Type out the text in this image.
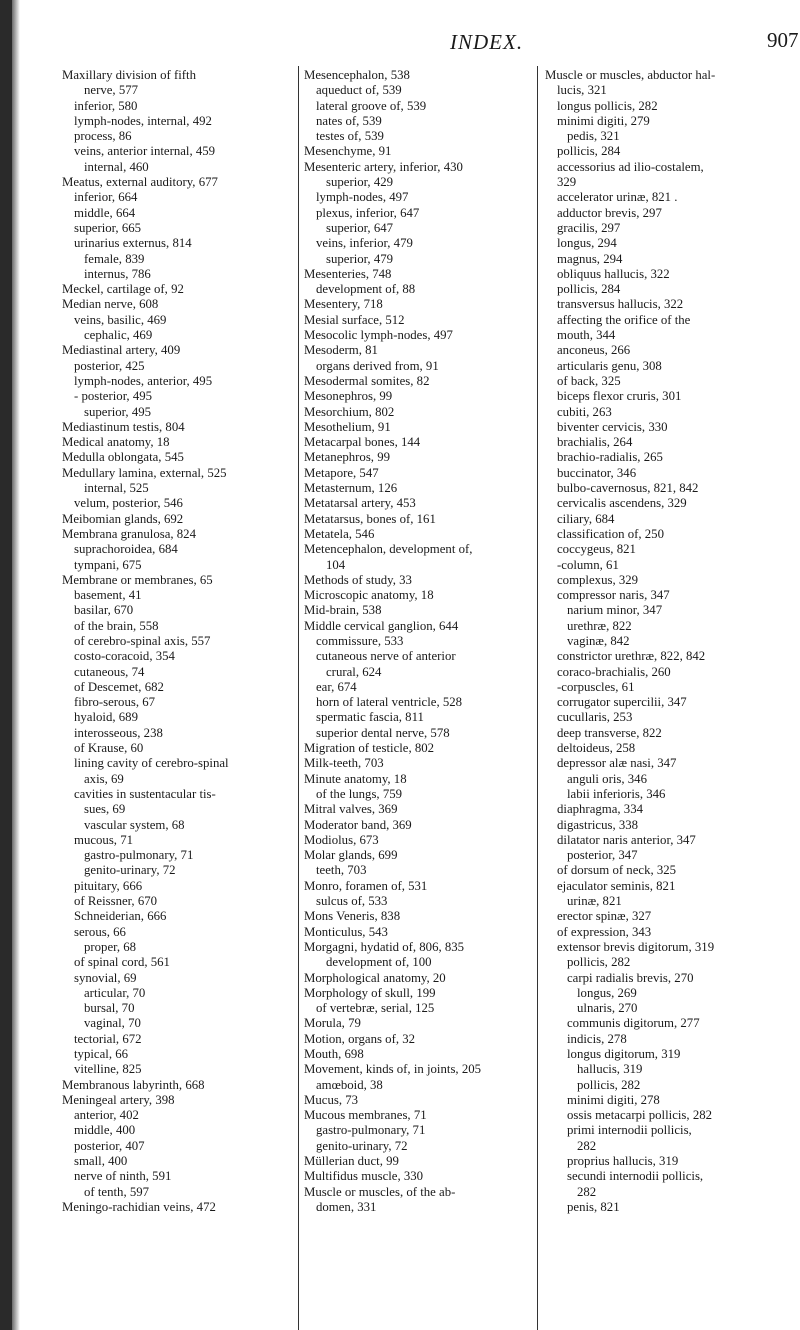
INDEX.	907
Maxillary division of fifth
nerve, 577
inferior, 580
lymph-nodes, internal, 492
process, 86
veins, anterior internal, 459
internal, 460
Meatus, external auditory, 677
inferior, 664
middle, 664
superior, 665
urinarius externus, 814
female, 839
internus, 786
Meckel, cartilage of, 92
Median nerve, 608
veins, basilic, 469
cephalic, 469
Mediastinal artery, 409
posterior, 425
lymph-nodes, anterior, 495
- posterior, 495
superior, 495
Mediastinum testis, 804
Medical anatomy, 18
Medulla oblongata, 545
Medullary lamina, external, 525
internal, 525
velum, posterior, 546
Meibomian glands, 692
Membrana granulosa, 824
suprachoroidea, 684
tympani, 675
Membrane or membranes, 65
basement, 41
basilar, 670
of the brain, 558
of cerebro-spinal axis, 557
costo-coracoid, 354
cutaneous, 74
of Descemet, 682
fibro-serous, 67
hyaloid, 689
interosseous, 238
of Krause, 60
lining cavity of cerebro-spinal
axis, 69
cavities in sustentacular tis-
sues, 69
vascular system, 68
mucous, 71
gastro-pulmonary, 71
genito-urinary, 72
pituitary, 666
of Reissner, 670
Schneiderian, 666
serous, 66
proper, 68
of spinal cord, 561
synovial, 69
articular, 70
bursal, 70
vaginal, 70
tectorial, 672
typical, 66
vitelline, 825
Membranous labyrinth, 668
Meningeal artery, 398
anterior, 402
middle, 400
posterior, 407
small, 400
nerve of ninth, 591
of tenth, 597
Meningo-rachidian veins, 472
Mesencephalon, 538
aqueduct of, 539
lateral groove of, 539
nates of, 539
testes of, 539
Mesenchyme, 91
Mesenteric artery, inferior, 430
superior, 429
lymph-nodes, 497
plexus, inferior, 647
superior, 647
veins, inferior, 479
superior, 479
Mesenteries, 748
development of, 88
Mesentery, 718
Mesial surface, 512
Mesocolic lymph-nodes, 497
Mesoderm, 81
organs derived from, 91
Mesodermal somites, 82
Mesonephros, 99
Mesorchium, 802
Mesothelium, 91
Metacarpal bones, 144
Metanephros, 99
Metapore, 547
Metasternum, 126
Metatarsal artery, 453
Metatarsus, bones of, 161
Metatela, 546
Metencephalon, development of,
104
Methods of study, 33
Microscopic anatomy, 18
Mid-brain, 538
Middle cervical ganglion, 644
commissure, 533
cutaneous nerve of anterior
crural, 624
ear, 674
horn of lateral ventricle, 528
spermatic fascia, 811
superior dental nerve, 578
Migration of testicle, 802
Milk-teeth, 703
Minute anatomy, 18
of the lungs, 759
Mitral valves, 369
Moderator band, 369
Modiolus, 673
Molar glands, 699
teeth, 703
Monro, foramen of, 531
sulcus of, 533
Mons Veneris, 838
Monticulus, 543
Morgagni, hydatid of, 806, 835
development of, 100
Morphological anatomy, 20
Morphology of skull, 199
of vertebræ, serial, 125
Morula, 79
Motion, organs of, 32
Mouth, 698
Movement, kinds of, in joints, 205
amœboid, 38
Mucus, 73
Mucous membranes, 71
gastro-pulmonary, 71
genito-urinary, 72
Müllerian duct, 99
Multifidus muscle, 330
Muscle or muscles, of the ab-
domen, 331
Muscle or muscles, abductor hal-
lucis, 321
longus pollicis, 282
minimi digiti, 279
pedis, 321
pollicis, 284
accessorius ad ilio-costalem,
329
accelerator urinæ, 821 .
adductor brevis, 297
gracilis, 297
longus, 294
magnus, 294
obliquus hallucis, 322
pollicis, 284
transversus hallucis, 322
affecting the orifice of the
mouth, 344
anconeus, 266
articularis genu, 308
of back, 325
biceps flexor cruris, 301
cubiti, 263
biventer cervicis, 330
brachialis, 264
brachio-radialis, 265
buccinator, 346
bulbo-cavernosus, 821, 842
cervicalis ascendens, 329
ciliary, 684
classification of, 250
coccygeus, 821
-column, 61
complexus, 329
compressor naris, 347
narium minor, 347
urethræ, 822
vaginæ, 842
constrictor urethræ, 822, 842
coraco-brachialis, 260
-corpuscles, 61
corrugator supercilii, 347
cucullaris, 253
deep transverse, 822
deltoideus, 258
depressor alæ nasi, 347
anguli oris, 346
labii inferioris, 346
diaphragma, 334
digastricus, 338
dilatator naris anterior, 347
posterior, 347
of dorsum of neck, 325
ejaculator seminis, 821
urinæ, 821
erector spinæ, 327
of expression, 343
extensor brevis digitorum, 319
pollicis, 282
carpi radialis brevis, 270
longus, 269
ulnaris, 270
communis digitorum, 277
indicis, 278
longus digitorum, 319
hallucis, 319
pollicis, 282
minimi digiti, 278
ossis metacarpi pollicis, 282
primi internodii pollicis,
282
proprius hallucis, 319
secundi internodii pollicis,
282
penis, 821
